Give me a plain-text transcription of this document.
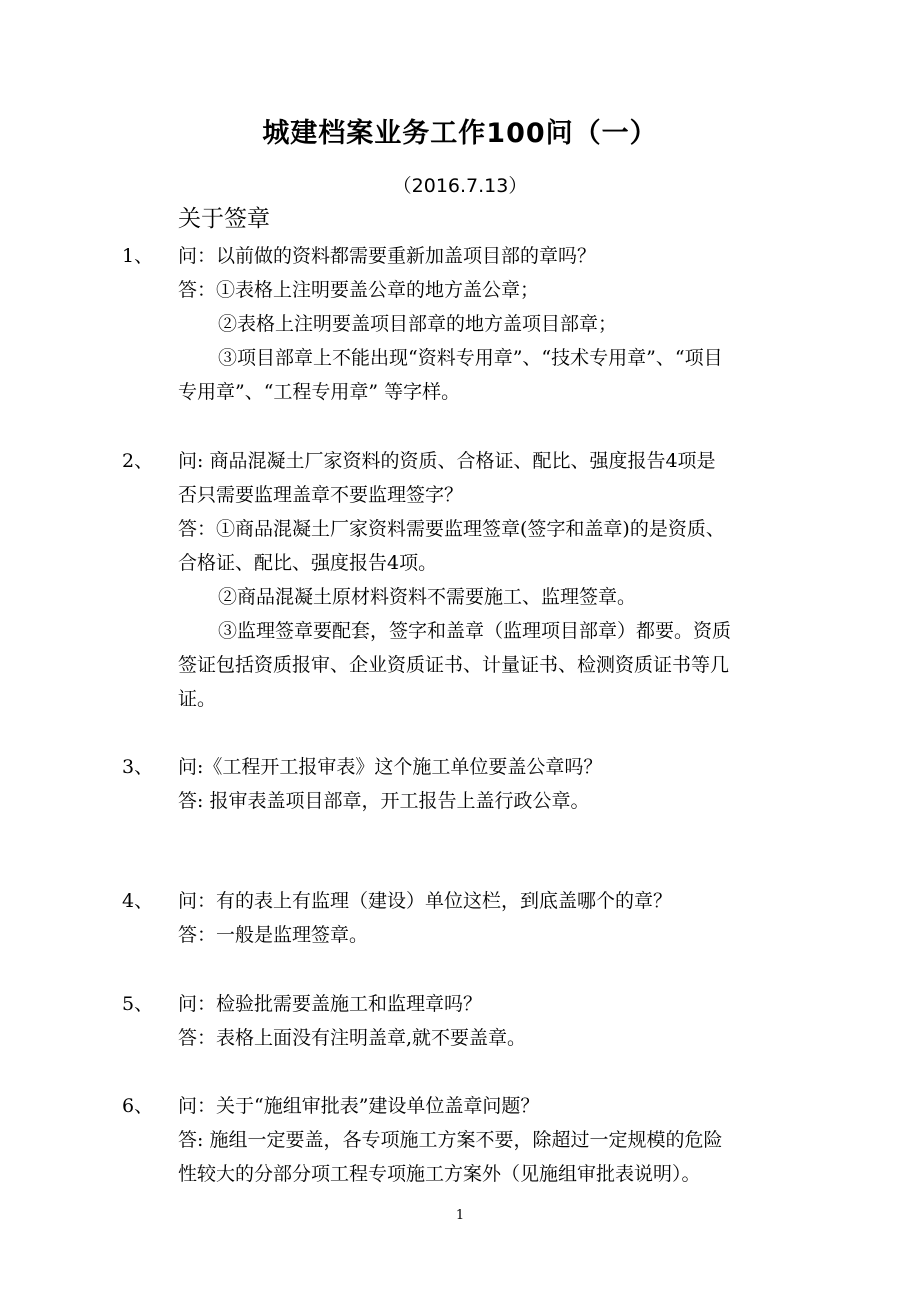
城建档案业务工作100问（一）
（2016.7.13）
关于签章
1、 问：以前做的资料都需要重新加盖项目部的章吗？
答：①表格上注明要盖公章的地方盖公章；
②表格上注明要盖项目部章的地方盖项目部章；
③项目部章上不能出现“资料专用章”、“技术专用章”、“项目
专用章”、“工程专用章” 等字样。
2、 问: 商品混凝土厂家资料的资质、合格证、配比、强度报告4项是
否只需要监理盖章不要监理签字？
答：①商品混凝土厂家资料需要监理签章(签字和盖章)的是资质、
合格证、配比、强度报告4项。
②商品混凝土原材料资料不需要施工、监理签章。
③监理签章要配套，签字和盖章（监理项目部章）都要。资质
签证包括资质报审、企业资质证书、计量证书、检测资质证书等几
证。
3、 问:《工程开工报审表》这个施工单位要盖公章吗？
答: 报审表盖项目部章，开工报告上盖行政公章。
4、 问：有的表上有监理（建设）单位这栏，到底盖哪个的章？
答：一般是监理签章。
5、 问：检验批需要盖施工和监理章吗？
答：表格上面没有注明盖章,就不要盖章。
6、 问：关于“施组审批表”建设单位盖章问题？
答: 施组一定要盖，各专项施工方案不要，除超过一定规模的危险
性较大的分部分项工程专项施工方案外（见施组审批表说明）。
1
